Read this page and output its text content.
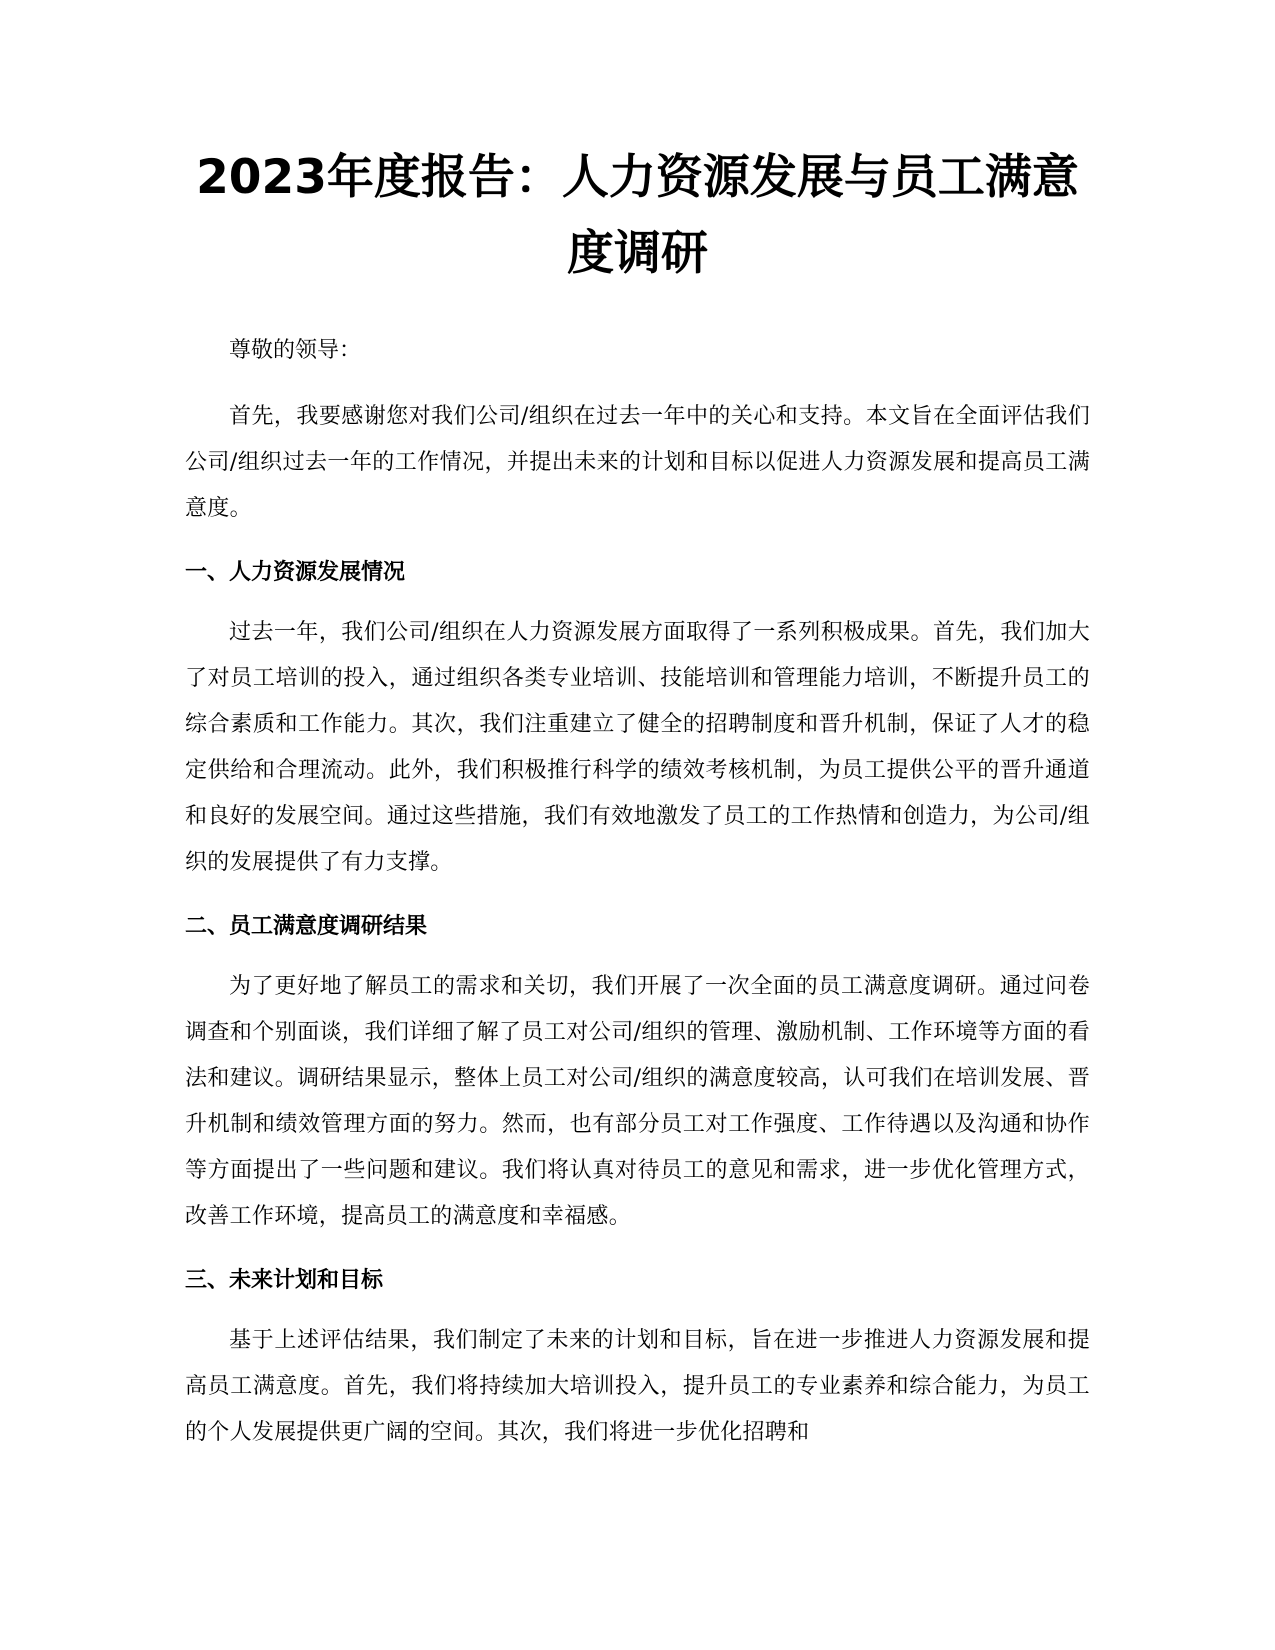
2023年度报告：人力资源发展与员工满意度调研

尊敬的领导：

首先，我要感谢您对我们公司/组织在过去一年中的关心和支持。本文旨在全面评估我们公司/组织过去一年的工作情况，并提出未来的计划和目标以促进人力资源发展和提高员工满意度。

一、人力资源发展情况

过去一年，我们公司/组织在人力资源发展方面取得了一系列积极成果。首先，我们加大了对员工培训的投入，通过组织各类专业培训、技能培训和管理能力培训，不断提升员工的综合素质和工作能力。其次，我们注重建立了健全的招聘制度和晋升机制，保证了人才的稳定供给和合理流动。此外，我们积极推行科学的绩效考核机制，为员工提供公平的晋升通道和良好的发展空间。通过这些措施，我们有效地激发了员工的工作热情和创造力，为公司/组织的发展提供了有力支撑。

二、员工满意度调研结果

为了更好地了解员工的需求和关切，我们开展了一次全面的员工满意度调研。通过问卷调查和个别面谈，我们详细了解了员工对公司/组织的管理、激励机制、工作环境等方面的看法和建议。调研结果显示，整体上员工对公司/组织的满意度较高，认可我们在培训发展、晋升机制和绩效管理方面的努力。然而，也有部分员工对工作强度、工作待遇以及沟通和协作等方面提出了一些问题和建议。我们将认真对待员工的意见和需求，进一步优化管理方式，改善工作环境，提高员工的满意度和幸福感。

三、未来计划和目标

基于上述评估结果，我们制定了未来的计划和目标，旨在进一步推进人力资源发展和提高员工满意度。首先，我们将持续加大培训投入，提升员工的专业素养和综合能力，为员工的个人发展提供更广阔的空间。其次，我们将进一步优化招聘和
